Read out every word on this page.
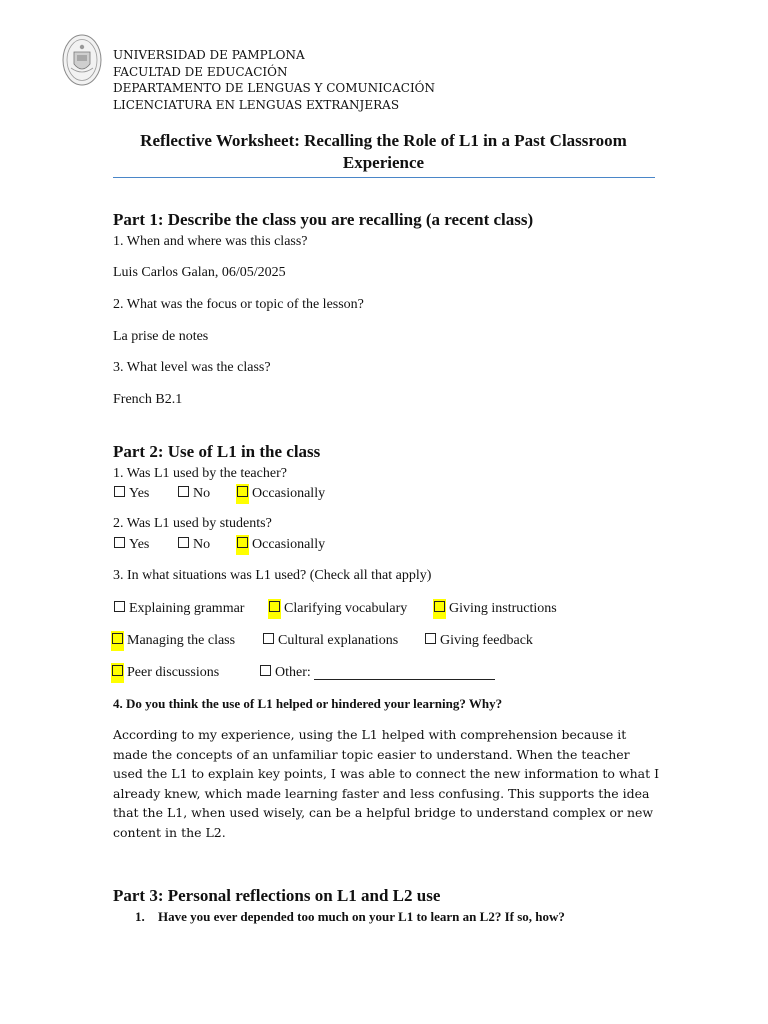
UNIVERSIDAD DE PAMPLONA
FACULTAD DE EDUCACIÓN
DEPARTAMENTO DE LENGUAS Y COMUNICACIÓN
LICENCIATURA EN LENGUAS EXTRANJERAS
Reflective Worksheet: Recalling the Role of L1 in a Past Classroom Experience
Part 1: Describe the class you are recalling (a recent class)
1. When and where was this class?
Luis Carlos Galan, 06/05/2025
2. What was the focus or topic of the lesson?
La prise de notes
3. What level was the class?
French B2.1
Part 2: Use of L1 in the class
1. Was L1 used by the teacher?
Yes	No	Occasionally
2. Was L1 used by students?
Yes	No	Occasionally
3. In what situations was L1 used? (Check all that apply)
Explaining grammar	Clarifying vocabulary	Giving instructions
Managing the class	Cultural explanations	Giving feedback
Peer discussions	Other:
4. Do you think the use of L1 helped or hindered your learning? Why?
According to my experience, using the L1 helped with comprehension because it made the concepts of an unfamiliar topic easier to understand. When the teacher used the L1 to explain key points, I was able to connect the new information to what I already knew, which made learning faster and less confusing. This supports the idea that the L1, when used wisely, can be a helpful bridge to understand complex or new content in the L2.
Part 3: Personal reflections on L1 and L2 use
1. Have you ever depended too much on your L1 to learn an L2? If so, how?
